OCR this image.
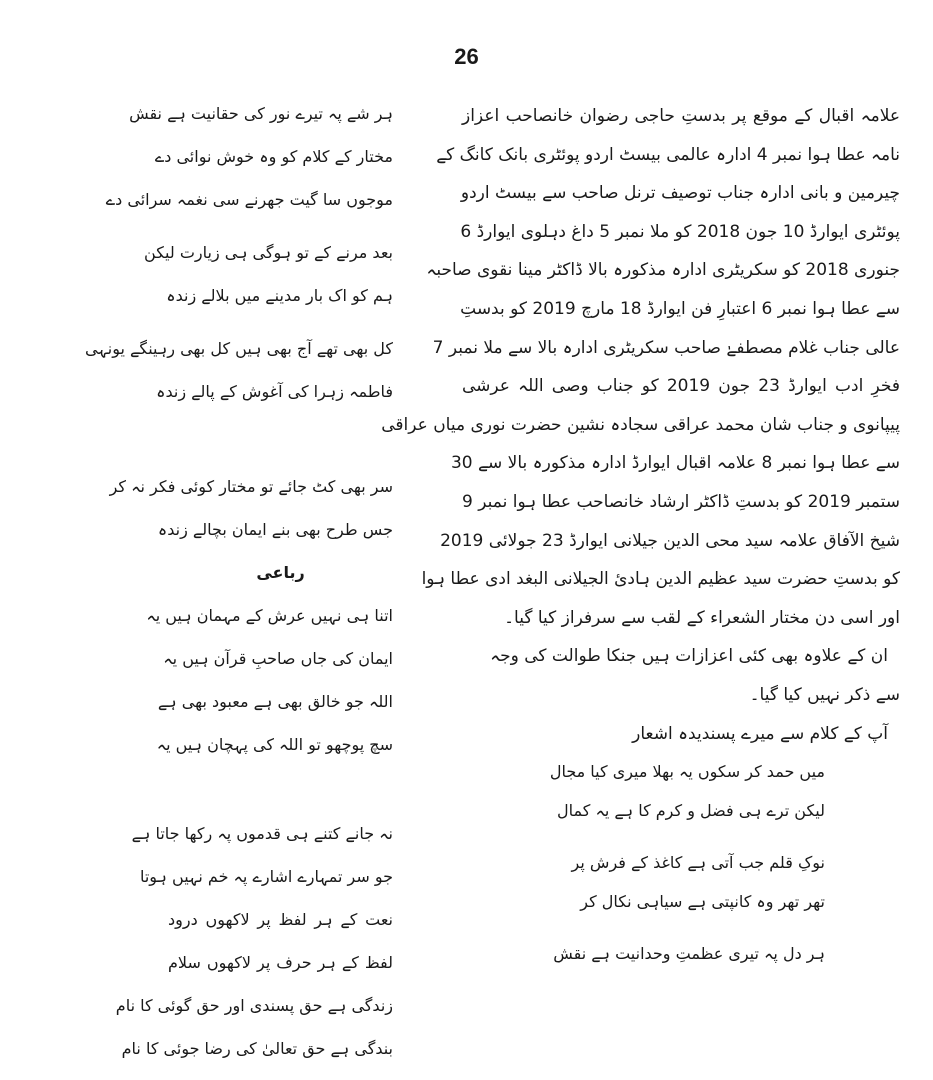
26
علامہ اقبال کے موقع پر بدستِ حاجی رضوان خانصاحب اعزاز
نامہ عطا ہوا نمبر 4 ادارہ عالمی بیسٹ اردو پوئٹری بانک کانگ کے
چیرمین و بانی ادارہ جناب توصیف ترنل صاحب سے بیسٹ اردو
پوئٹری ایوارڈ 10 جون 2018 کو ملا نمبر 5 داغ دہلوی ایوارڈ 6
جنوری 2018 کو سکریٹری ادارہ مذکورہ بالا ڈاکٹر مینا نقوی صاحبہ
سے عطا ہوا نمبر 6 اعتبارِ فن ایوارڈ 18 مارچ 2019 کو بدستِ
عالی جناب غلام مصطفےٰ صاحب سکریٹری ادارہ بالا سے ملا نمبر 7
فخرِ ادب ایوارڈ 23 جون 2019 کو جناب وصی اللہ عرشی
پیپانوی و جناب شان محمد عراقی سجادہ نشین حضرت نوری میاں عراقی
سے عطا ہوا نمبر 8 علامہ اقبال ایوارڈ ادارہ مذکورہ بالا سے 30
ستمبر 2019 کو بدستِ ڈاکٹر ارشاد خانصاحب عطا ہوا نمبر 9
شیخ الآفاق علامہ سید محی الدین جیلانی ایوارڈ 23 جولائی 2019
کو بدستِ حضرت سید عظیم الدین ہادئ الجیلانی البغد ادی عطا ہوا
اور اسی دن مختار الشعراء کے لقب سے سرفراز کیا گیا۔
ان کے علاوہ بھی کئی اعزازات ہیں جنکا طوالت کی وجہ
سے ذکر نہیں کیا گیا۔
آپ کے کلام سے میرے پسندیدہ اشعار
میں حمد کر سکوں یہ بھلا میری کیا مجال
لیکن ترے ہی فضل و کرم کا ہے یہ کمال
نوکِ قلم جب آتی ہے کاغذ کے فرش پر
تھر تھر وہ کانپتی ہے سیاہی نکال کر
ہر دل پہ تیری عظمتِ وحدانیت ہے نقش
ہر شے پہ تیرے نور کی حقانیت ہے نقش
مختار کے کلام کو وہ خوش نوائی دے
موجوں سا گیت جھرنے سی نغمہ سرائی دے
بعد مرنے کے تو ہوگی ہی زیارت لیکن
ہم کو اک بار مدینے میں بلالے زندہ
کل بھی تھے آج بھی ہیں کل بھی رہینگے یونہی
فاطمہ زہرا کی آغوش کے پالے زندہ
سر بھی کٹ جائے تو مختار کوئی فکر نہ کر
جس طرح بھی بنے ایمان بچالے زندہ
رباعی
اتنا ہی نہیں عرش کے مہمان ہیں یہ
ایمان کی جاں صاحبِ قرآن ہیں یہ
اللہ جو خالق بھی ہے معبود بھی ہے
سچ پوچھو تو اللہ کی پہچان ہیں یہ
نہ جانے کتنے ہی قدموں پہ رکھا جاتا ہے
جو سر تمہارے اشارے پہ خم نہیں ہوتا
نعت کے ہر لفظ پر لاکھوں درود
لفظ کے ہر حرف پر لاکھوں سلام
زندگی ہے حق پسندی اور حق گوئی کا نام
بندگی ہے حق تعالیٰ کی رضا جوئی کا نام
